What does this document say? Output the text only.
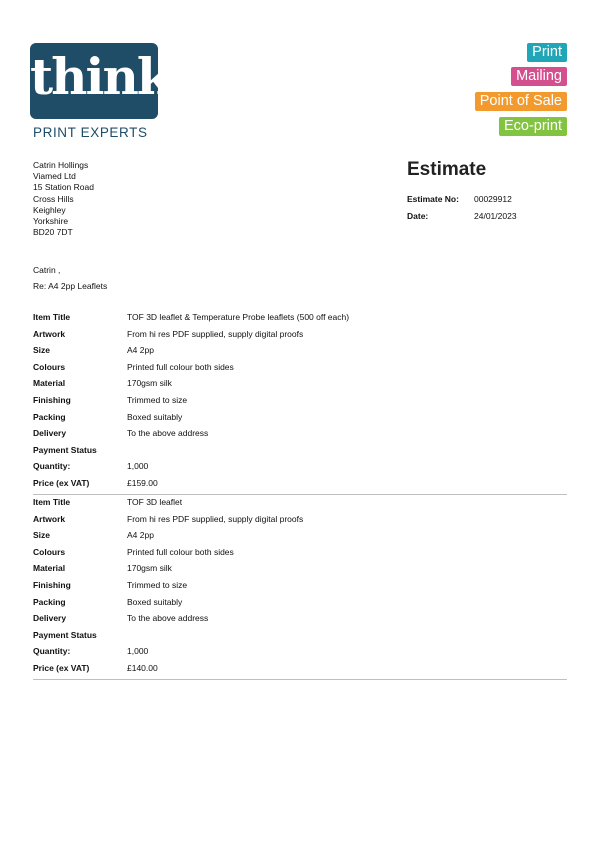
think
PRINT EXPERTS
Print
Mailing
Point of Sale
Eco-print
Catrin Hollings
Viamed Ltd
15 Station Road
Cross Hills
Keighley
Yorkshire
BD20 7DT
Estimate
Estimate No: 00029912
Date:	24/01/2023
Catrin ,
Re: A4 2pp Leaflets
Item Title	TOF 3D leaflet & Temperature Probe leaflets (500 off each)
Artwork	From hi res PDF supplied, supply digital proofs
Size	A4 2pp
Colours	Printed full colour both sides
Material	170gsm silk
Finishing	Trimmed to size
Packing	Boxed suitably
Delivery	To the above address
Payment Status
Quantity:	1,000
Price (ex VAT)	£159.00
Item Title	TOF 3D leaflet
Artwork	From hi res PDF supplied, supply digital proofs
Size	A4 2pp
Colours	Printed full colour both sides
Material	170gsm silk
Finishing	Trimmed to size
Packing	Boxed suitably
Delivery	To the above address
Payment Status
Quantity:	1,000
Price (ex VAT)	£140.00
